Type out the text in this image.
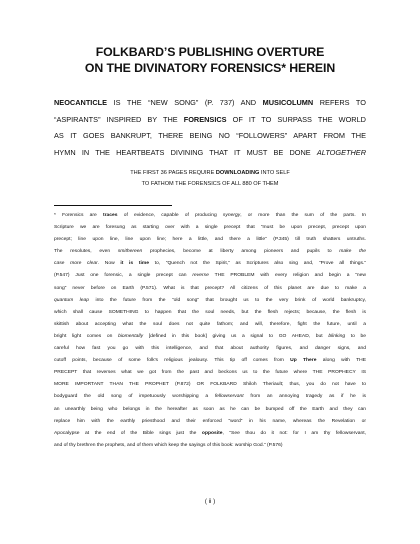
FOLKBARD’S PUBLISHING OVERTURE
ON THE DIVINATORY FORENSICS* HEREIN
NEOCANTICLE IS THE “NEW SONG” (P. 737) AND MUSICOLUMN REFERS TO
“ASPIRANTS” INSPIRED BY THE FORENSICS OF IT TO SURPASS THE WORLD
AS IT GOES BANKRUPT, THERE BEING NO “FOLLOWERS” APART FROM THE
HYMN IN THE HEARTBEATS DIVINING THAT IT MUST BE DONE ALTOGETHER
THE FIRST 36 PAGES REQUIRE DOWNLOADING INTO SELF
TO FATHOM THE FORENSICS OF ALL 880 OF THEM
* Forensics are traces of evidence, capable of producing synergy, or more than the sum of the parts. In
Scripture we are foresung as starting over with a single precept that “must be upon precept, precept upon
precept; line upon line, line upon line; here a little, and there a little” (P.345) till truth shatters untruths.
The resolutes, even smithereen prophecies, become at liberty among pioneers and pupils to make the
case more clear. Now it is time to, “Quench not the Spirit,” as Scriptures also sing and, “Prove all things.”
(P.547) Just one forensic, a single precept can reverse THE PROBLEM with every religion and begin a “new
song” never before on Earth (P.571). What is that precept? All citizens of this planet are due to make a
quantum leap into the future from the “old song” that brought us to the very brink of world bankruptcy,
which shall cause SOMETHING to happen that the soul needs, but the flesh rejects; because, the flesh is
skittish about accepting what the soul does not quite fathom; and will, therefore, fight the future, until a
bright light comes on biomentally [defined in this book] giving us a signal to GO AHEAD, but blinking to be
careful how fast you go with this intelligence, and that about authority figures, and danger signs, and
cutoff points, because of some folk’s religious jealousy. This tip off comes from Up There along with THE
PRECEPT that reverses what we got from the past and beckons us to the future where THE PROPHECY IS
MORE IMPORTANT THAN THE PROPHET (P.872) OR FOLKBARD Shiloh Theriault; thus, you do not have to
bodyguard the old song of impetuously worshipping a fellowservant from an annoying tragedy as if he is
an unearthly being who belongs in the hereafter as soon as he can be bumped off the Earth and they can
replace him with the earthly priesthood and their enforced “word” in his name, whereas the Revelation or
Apocalypse at the end of the Bible sings just the opposite, “See thou do it not: for I am thy fellowservant,
and of thy brethren the prophets, and of them which keep the sayings of this book: worship God.” (P.576)
( ii )
